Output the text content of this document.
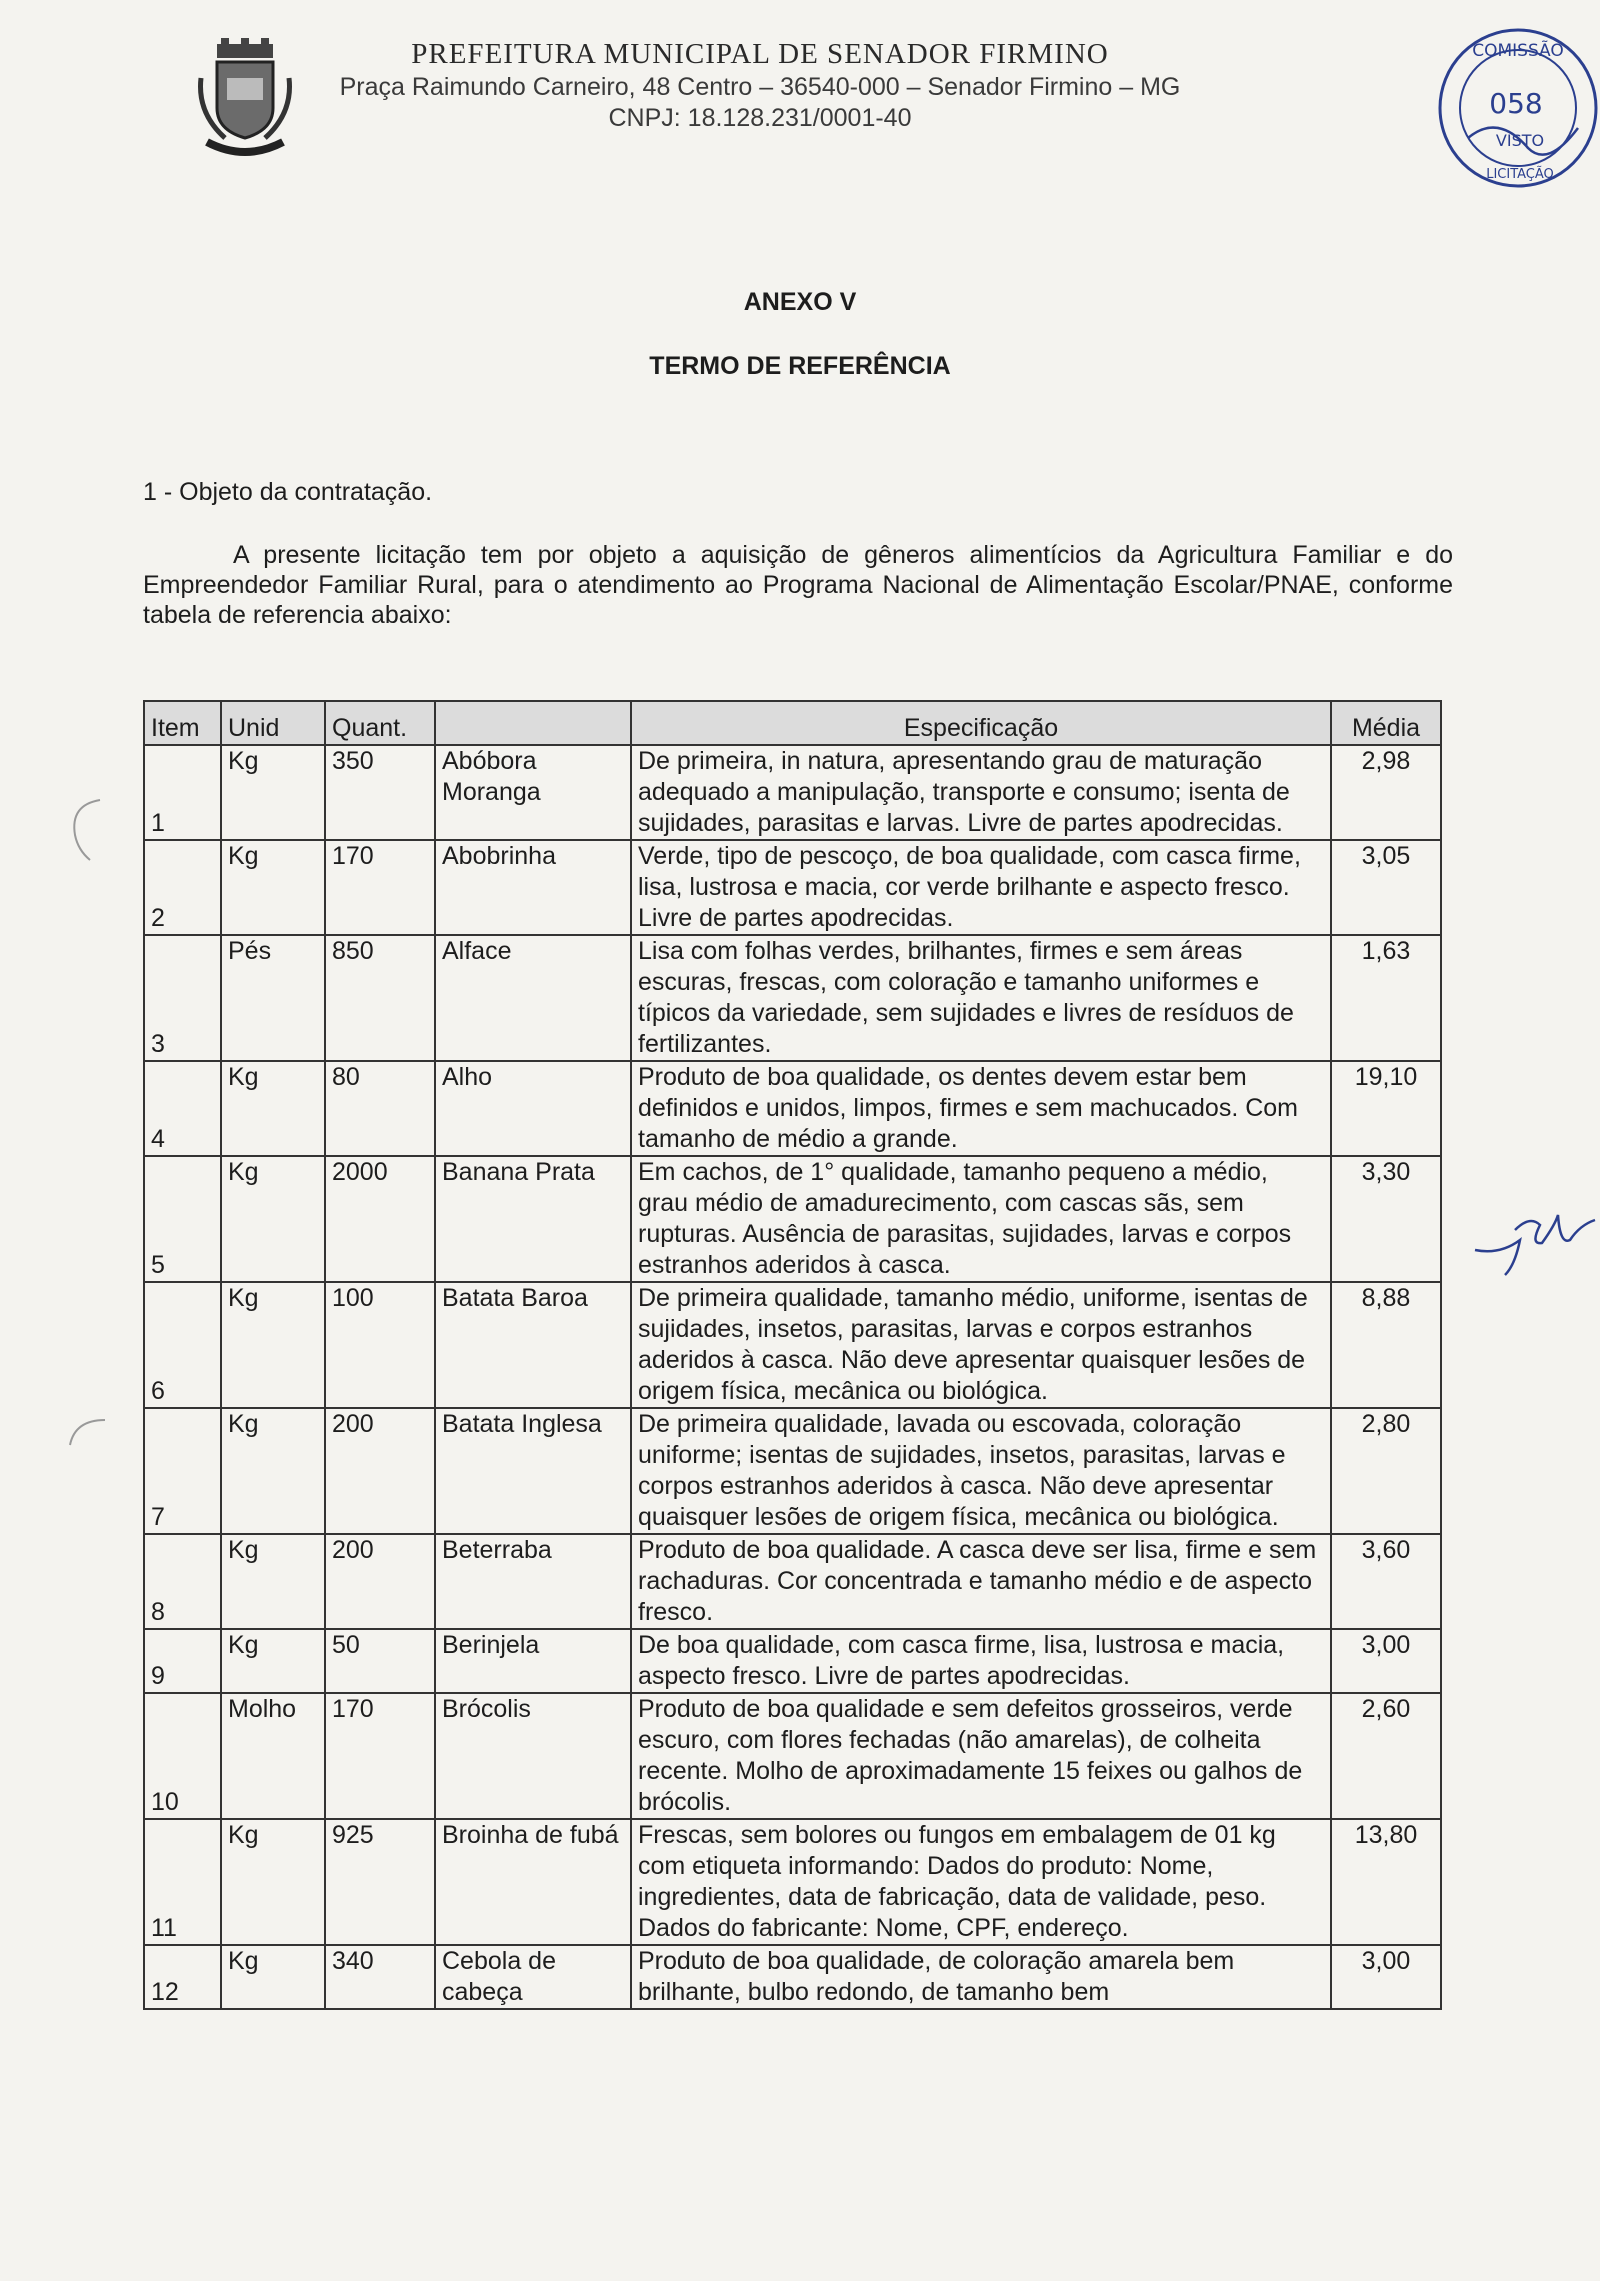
PREFEITURA MUNICIPAL DE SENADOR FIRMINO
Praça Raimundo Carneiro, 48 Centro – 36540-000 – Senador Firmino – MG
CNPJ: 18.128.231/0001-40
COMISSÃO
058
VISTO
LICITAÇÃO
ANEXO V
TERMO DE REFERÊNCIA
1 - Objeto da contratação.
A presente licitação tem por objeto a aquisição de gêneros alimentícios da Agricultura Familiar e do Empreendedor Familiar Rural, para o atendimento ao Programa Nacional de Alimentação Escolar/PNAE, conforme tabela de referencia abaixo:
Item	Unid	Quant.		Especificação	Média
1	Kg	350	Abóbora Moranga	De primeira, in natura, apresentando grau de maturação adequado a manipulação, transporte e consumo; isenta de sujidades, parasitas e larvas. Livre de partes apodrecidas.	2,98
2	Kg	170	Abobrinha	Verde, tipo de pescoço, de boa qualidade, com casca firme, lisa, lustrosa e macia, cor verde brilhante e aspecto fresco. Livre de partes apodrecidas.	3,05
3	Pés	850	Alface	Lisa com folhas verdes, brilhantes, firmes e sem áreas escuras, frescas, com coloração e tamanho uniformes e típicos da variedade, sem sujidades e livres de resíduos de fertilizantes.	1,63
4	Kg	80	Alho	Produto de boa qualidade, os dentes devem estar bem definidos e unidos, limpos, firmes e sem machucados. Com tamanho de médio a grande.	19,10
5	Kg	2000	Banana Prata	Em cachos, de 1° qualidade, tamanho pequeno a médio, grau médio de amadurecimento, com cascas sãs, sem rupturas. Ausência de parasitas, sujidades, larvas e corpos estranhos aderidos à casca.	3,30
6	Kg	100	Batata Baroa	De primeira qualidade, tamanho médio, uniforme, isentas de sujidades, insetos, parasitas, larvas e corpos estranhos aderidos à casca. Não deve apresentar quaisquer lesões de origem física, mecânica ou biológica.	8,88
7	Kg	200	Batata Inglesa	De primeira qualidade, lavada ou escovada, coloração uniforme; isentas de sujidades, insetos, parasitas, larvas e corpos estranhos aderidos à casca. Não deve apresentar quaisquer lesões de origem física, mecânica ou biológica.	2,80
8	Kg	200	Beterraba	Produto de boa qualidade. A casca deve ser lisa, firme e sem rachaduras. Cor concentrada e tamanho médio e de aspecto fresco.	3,60
9	Kg	50	Berinjela	De boa qualidade, com casca firme, lisa, lustrosa e macia, aspecto fresco. Livre de partes apodrecidas.	3,00
10	Molho	170	Brócolis	Produto de boa qualidade e sem defeitos grosseiros, verde escuro, com flores fechadas (não amarelas), de colheita recente. Molho de aproximadamente 15 feixes ou galhos de brócolis.	2,60
11	Kg	925	Broinha de fubá	Frescas, sem bolores ou fungos em embalagem de 01 kg com etiqueta informando: Dados do produto: Nome, ingredientes, data de fabricação, data de validade, peso. Dados do fabricante: Nome, CPF, endereço.	13,80
12	Kg	340	Cebola de cabeça	Produto de boa qualidade, de coloração amarela bem brilhante, bulbo redondo, de tamanho bem	3,00
